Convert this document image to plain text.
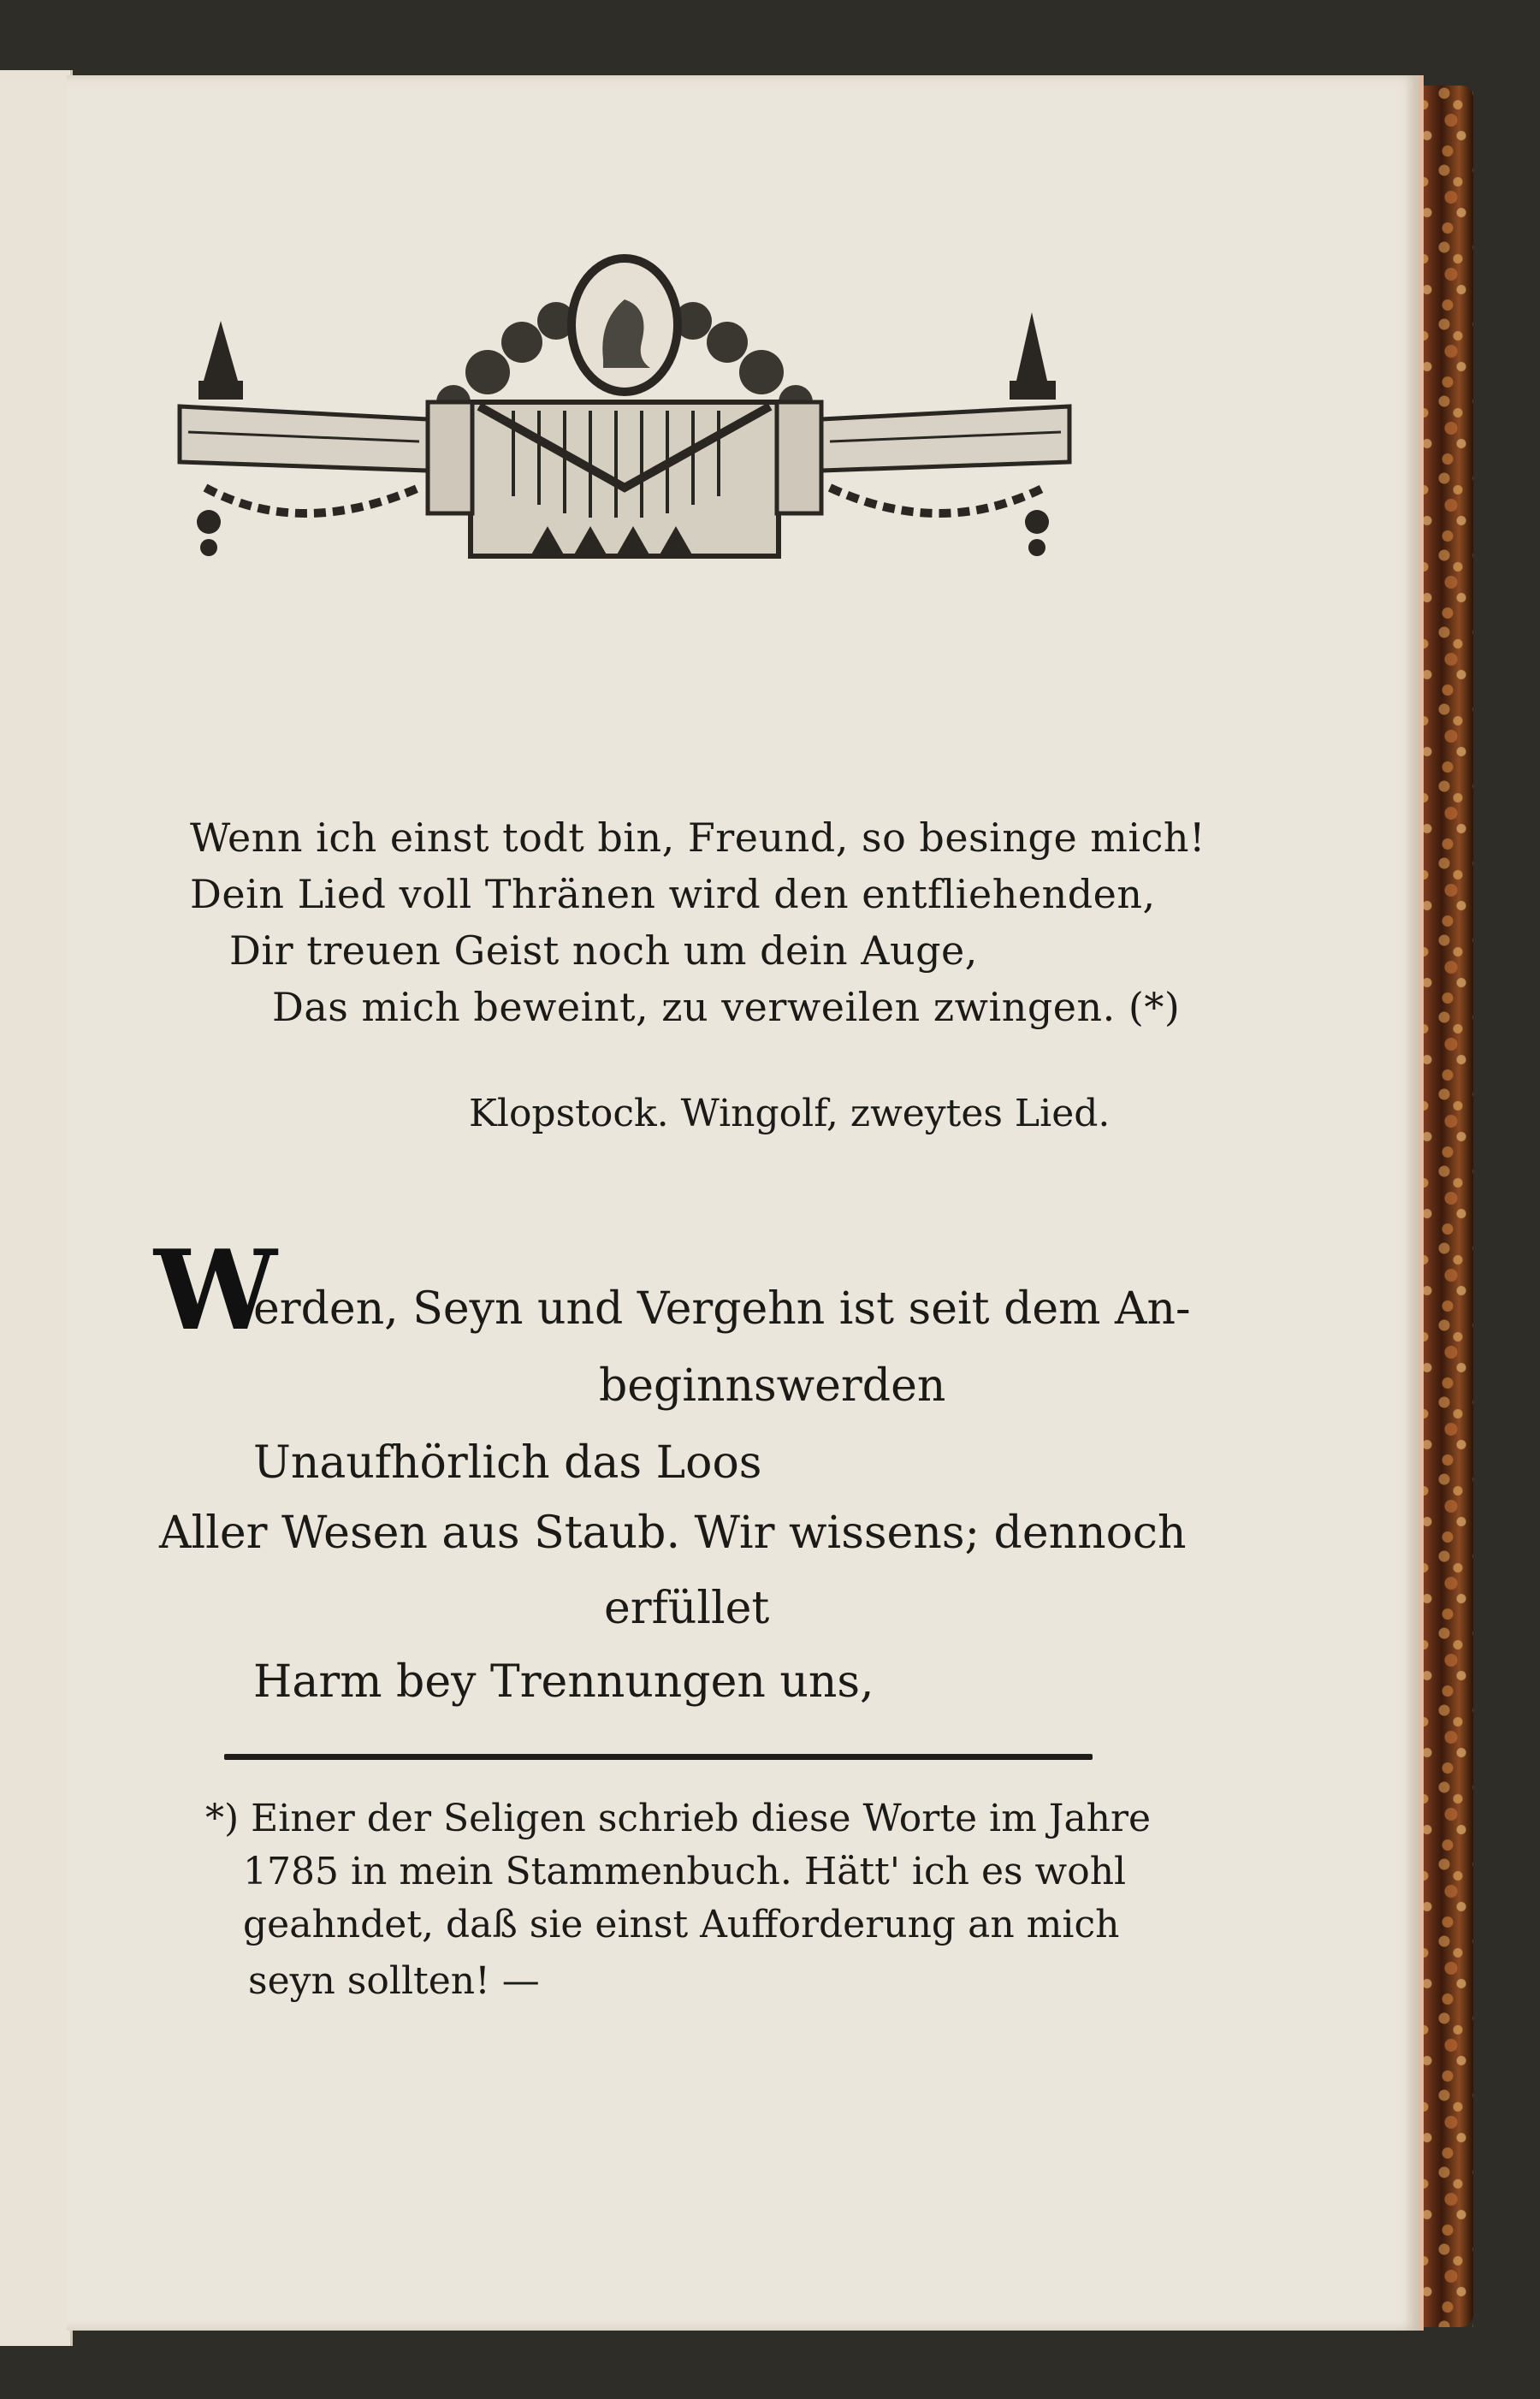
Wenn ich einst todt bin, Freund, so besinge mich!
Dein Lied voll Thränen wird den entfliehenden,
Dir treuen Geist noch um dein Auge,
Das mich beweint, zu verweilen zwingen. (*)
Klopstock. Wingolf, zweytes Lied.
W
erden, Seyn und Vergehn ist seit dem An-
beginnswerden
Unaufhörlich das Loos
Aller Wesen aus Staub. Wir wissens; dennoch
erfüllet
Harm bey Trennungen uns,
*) Einer der Seligen schrieb diese Worte im Jahre
1785 in mein Stammenbuch. Hätt' ich es wohl
geahndet, daß sie einst Aufforderung an mich
seyn sollten! —
